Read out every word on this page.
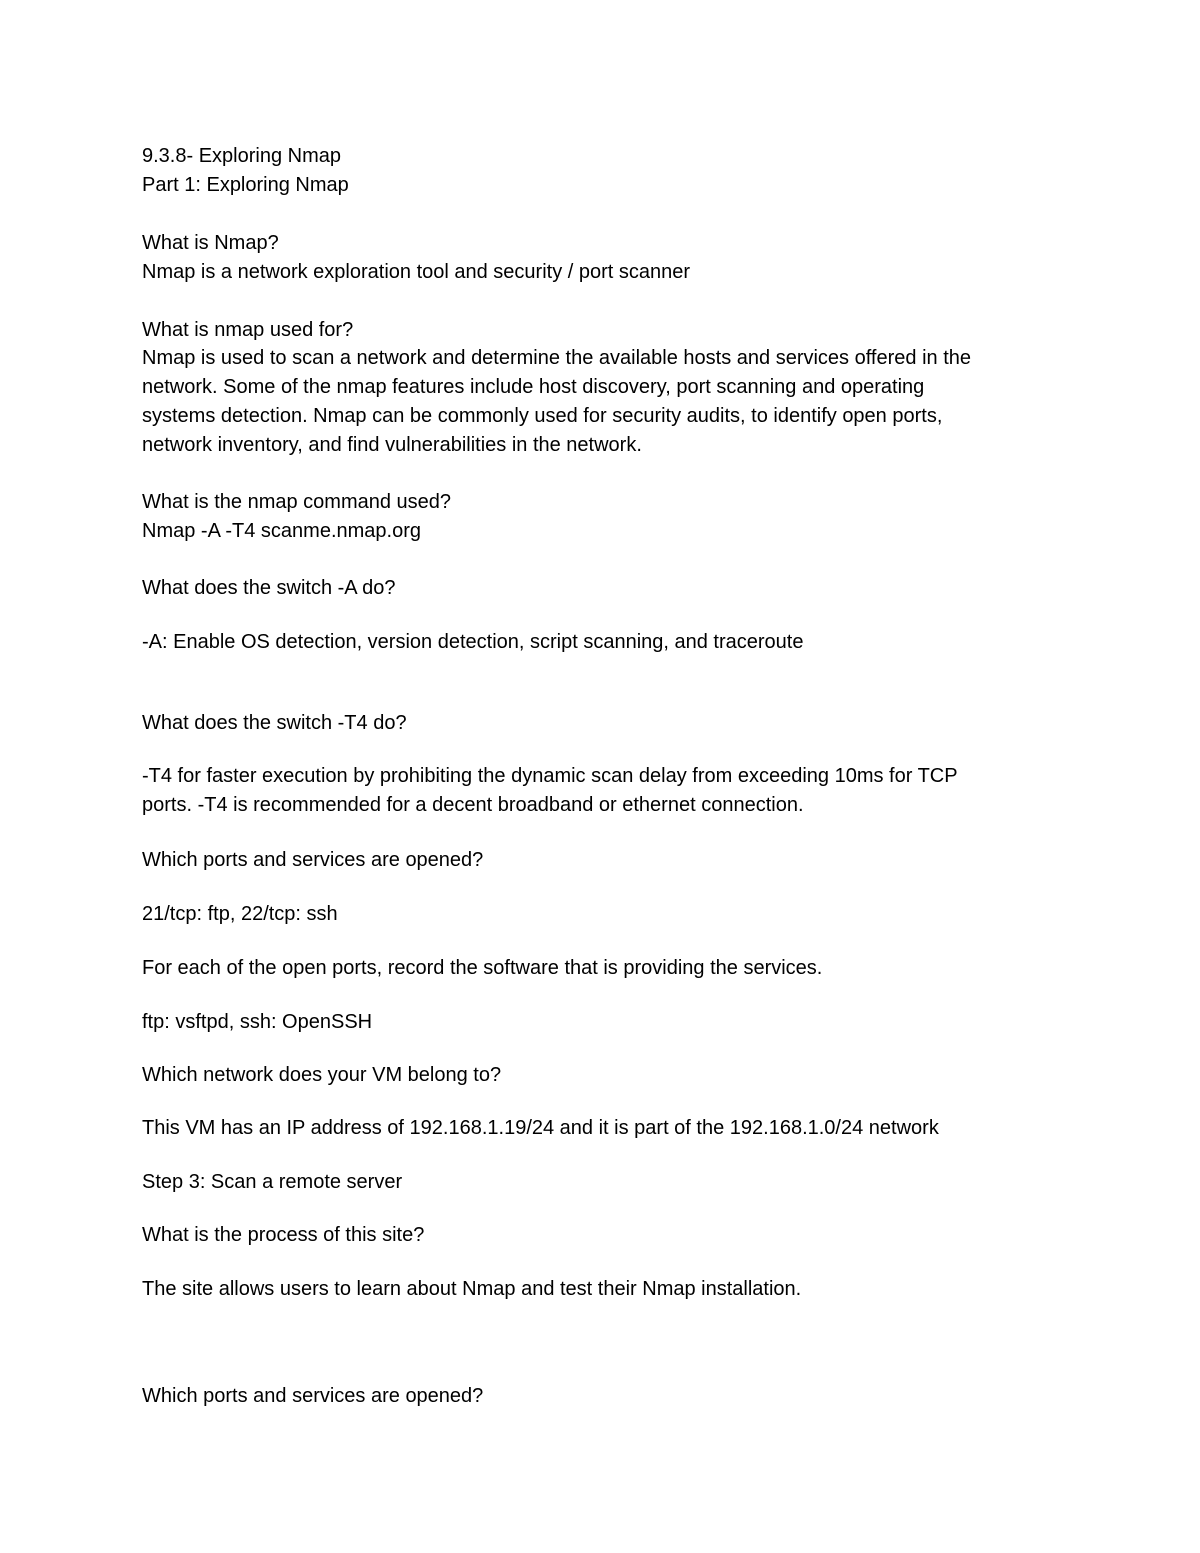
9.3.8- Exploring Nmap

Part 1: Exploring Nmap

What is Nmap?

Nmap is a network exploration tool and security / port scanner

What is nmap used for?

Nmap is used to scan a network and determine the available hosts and services offered in the

network. Some of the nmap features include host discovery, port scanning and operating

systems detection. Nmap can be commonly used for security audits, to identify open ports,

network inventory, and find vulnerabilities in the network.

What is the nmap command used?

Nmap -A -T4 scanme.nmap.org

What does the switch -A do?

-A: Enable OS detection, version detection, script scanning, and traceroute

What does the switch -T4 do?

-T4 for faster execution by prohibiting the dynamic scan delay from exceeding 10ms for TCP

ports. -T4 is recommended for a decent broadband or ethernet connection.

Which ports and services are opened?

21/tcp: ftp, 22/tcp: ssh

For each of the open ports, record the software that is providing the services.

ftp: vsftpd, ssh: OpenSSH

Which network does your VM belong to?

This VM has an IP address of 192.168.1.19/24 and it is part of the 192.168.1.0/24 network

Step 3: Scan a remote server

What is the process of this site?

The site allows users to learn about Nmap and test their Nmap installation.

Which ports and services are opened?
